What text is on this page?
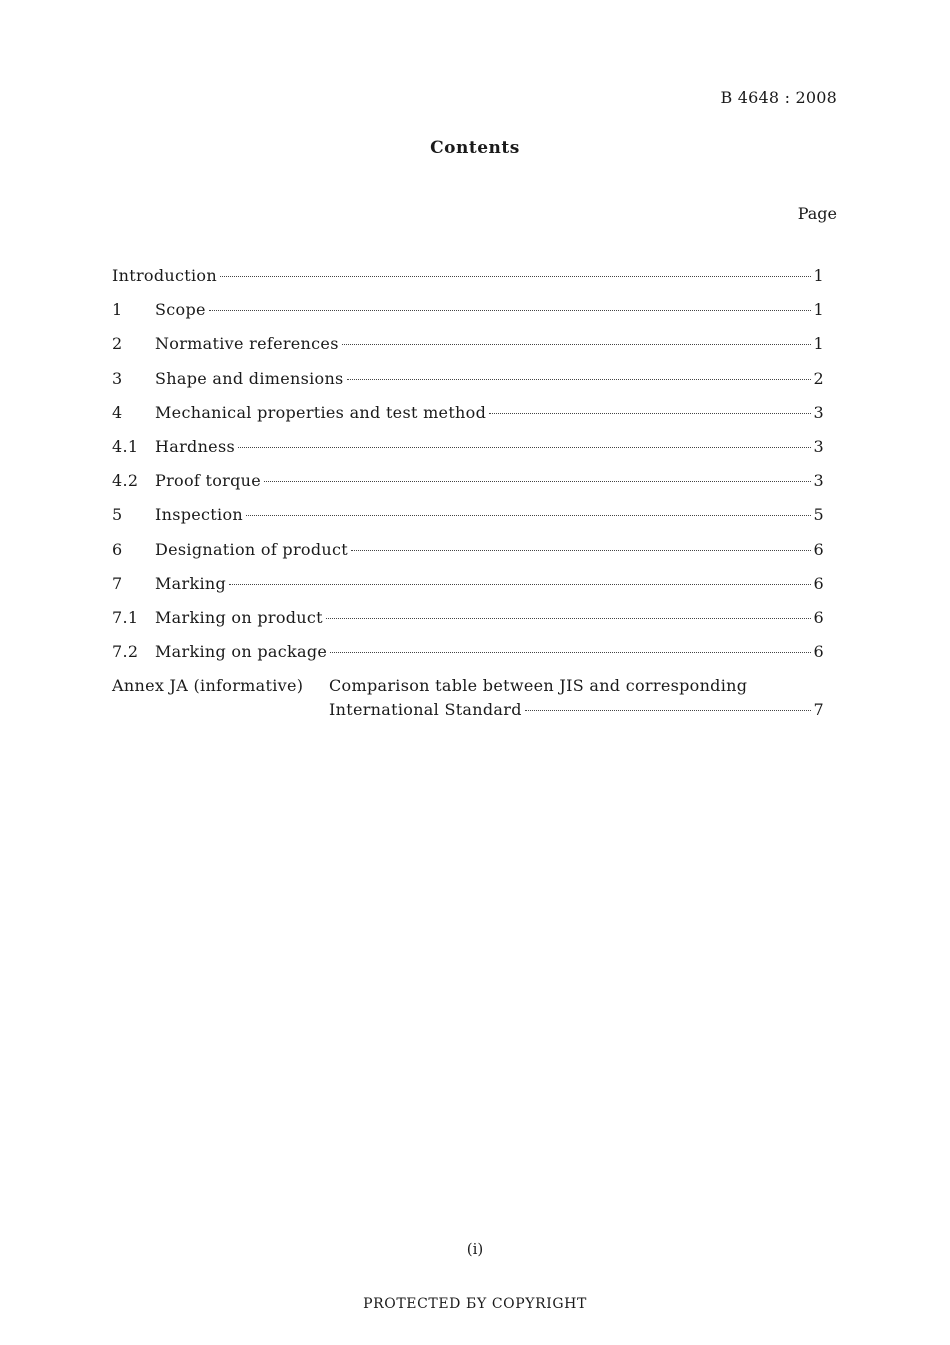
B 4648 : 2008
Contents
Page
Introduction	1
1	Scope	1
2	Normative references	1
3	Shape and dimensions	2
4	Mechanical properties and test method	3
4.1	Hardness	3
4.2	Proof torque	3
5	Inspection	5
6	Designation of product	6
7	Marking	6
7.1	Marking on product	6
7.2	Marking on package	6
Annex JA (informative)	Comparison table between JIS and corresponding
International Standard	7
(i)
PROTECTED БY COPYRIGHT
